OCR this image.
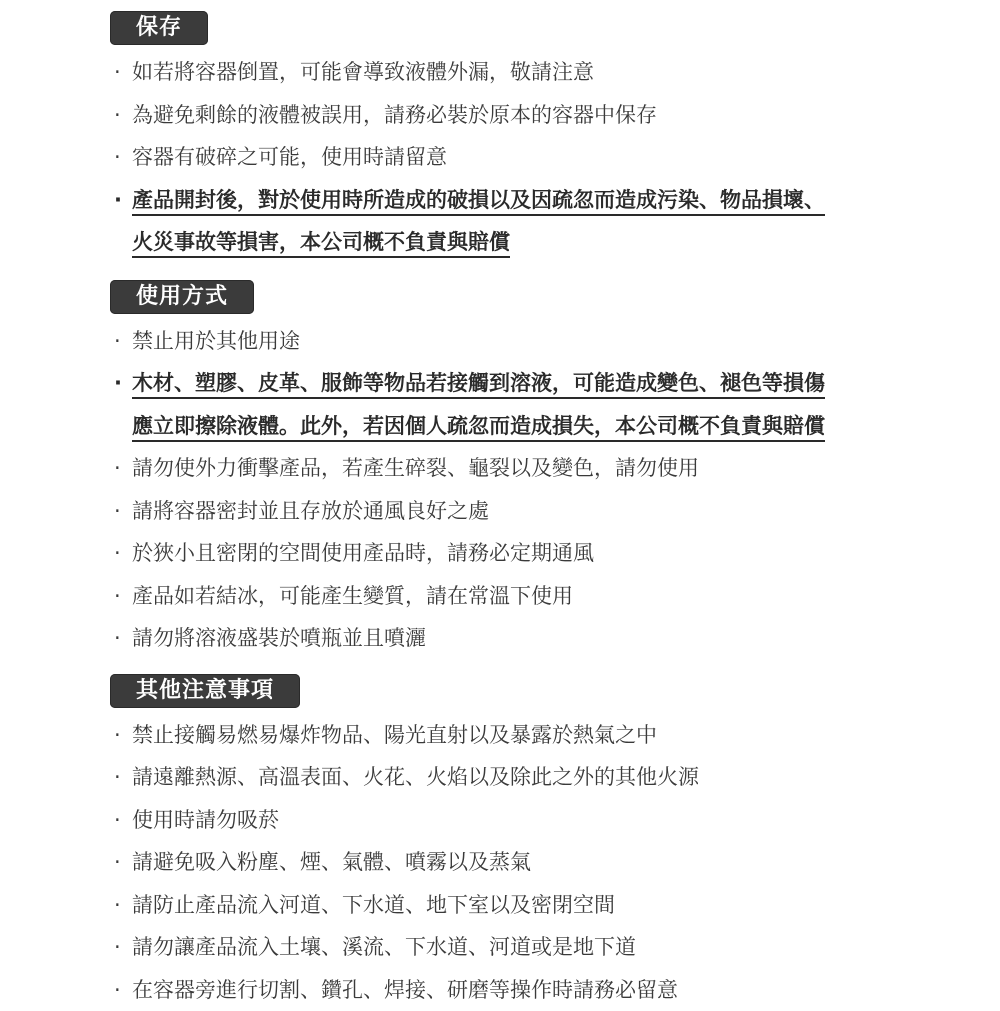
保存
· 如若將容器倒置，可能會導致液體外漏，敬請注意
· 為避免剩餘的液體被誤用，請務必裝於原本的容器中保存
· 容器有破碎之可能，使用時請留意
· 產品開封後，對於使用時所造成的破損以及因疏忽而造成污染、物品損壞、
火災事故等損害，本公司概不負責與賠償
使用方式
· 禁止用於其他用途
· 木材、塑膠、皮革、服飾等物品若接觸到溶液，可能造成變色、褪色等損傷
應立即擦除液體。此外，若因個人疏忽而造成損失，本公司概不負責與賠償
· 請勿使外力衝擊產品，若產生碎裂、龜裂以及變色，請勿使用
· 請將容器密封並且存放於通風良好之處
· 於狹小且密閉的空間使用產品時，請務必定期通風
· 產品如若結冰，可能產生變質，請在常溫下使用
· 請勿將溶液盛裝於噴瓶並且噴灑
其他注意事項
· 禁止接觸易燃易爆炸物品、陽光直射以及暴露於熱氣之中
· 請遠離熱源、高溫表面、火花、火焰以及除此之外的其他火源
· 使用時請勿吸菸
· 請避免吸入粉塵、煙、氣體、噴霧以及蒸氣
· 請防止產品流入河道、下水道、地下室以及密閉空間
· 請勿讓產品流入土壤、溪流、下水道、河道或是地下道
· 在容器旁進行切割、鑽孔、焊接、研磨等操作時請務必留意
